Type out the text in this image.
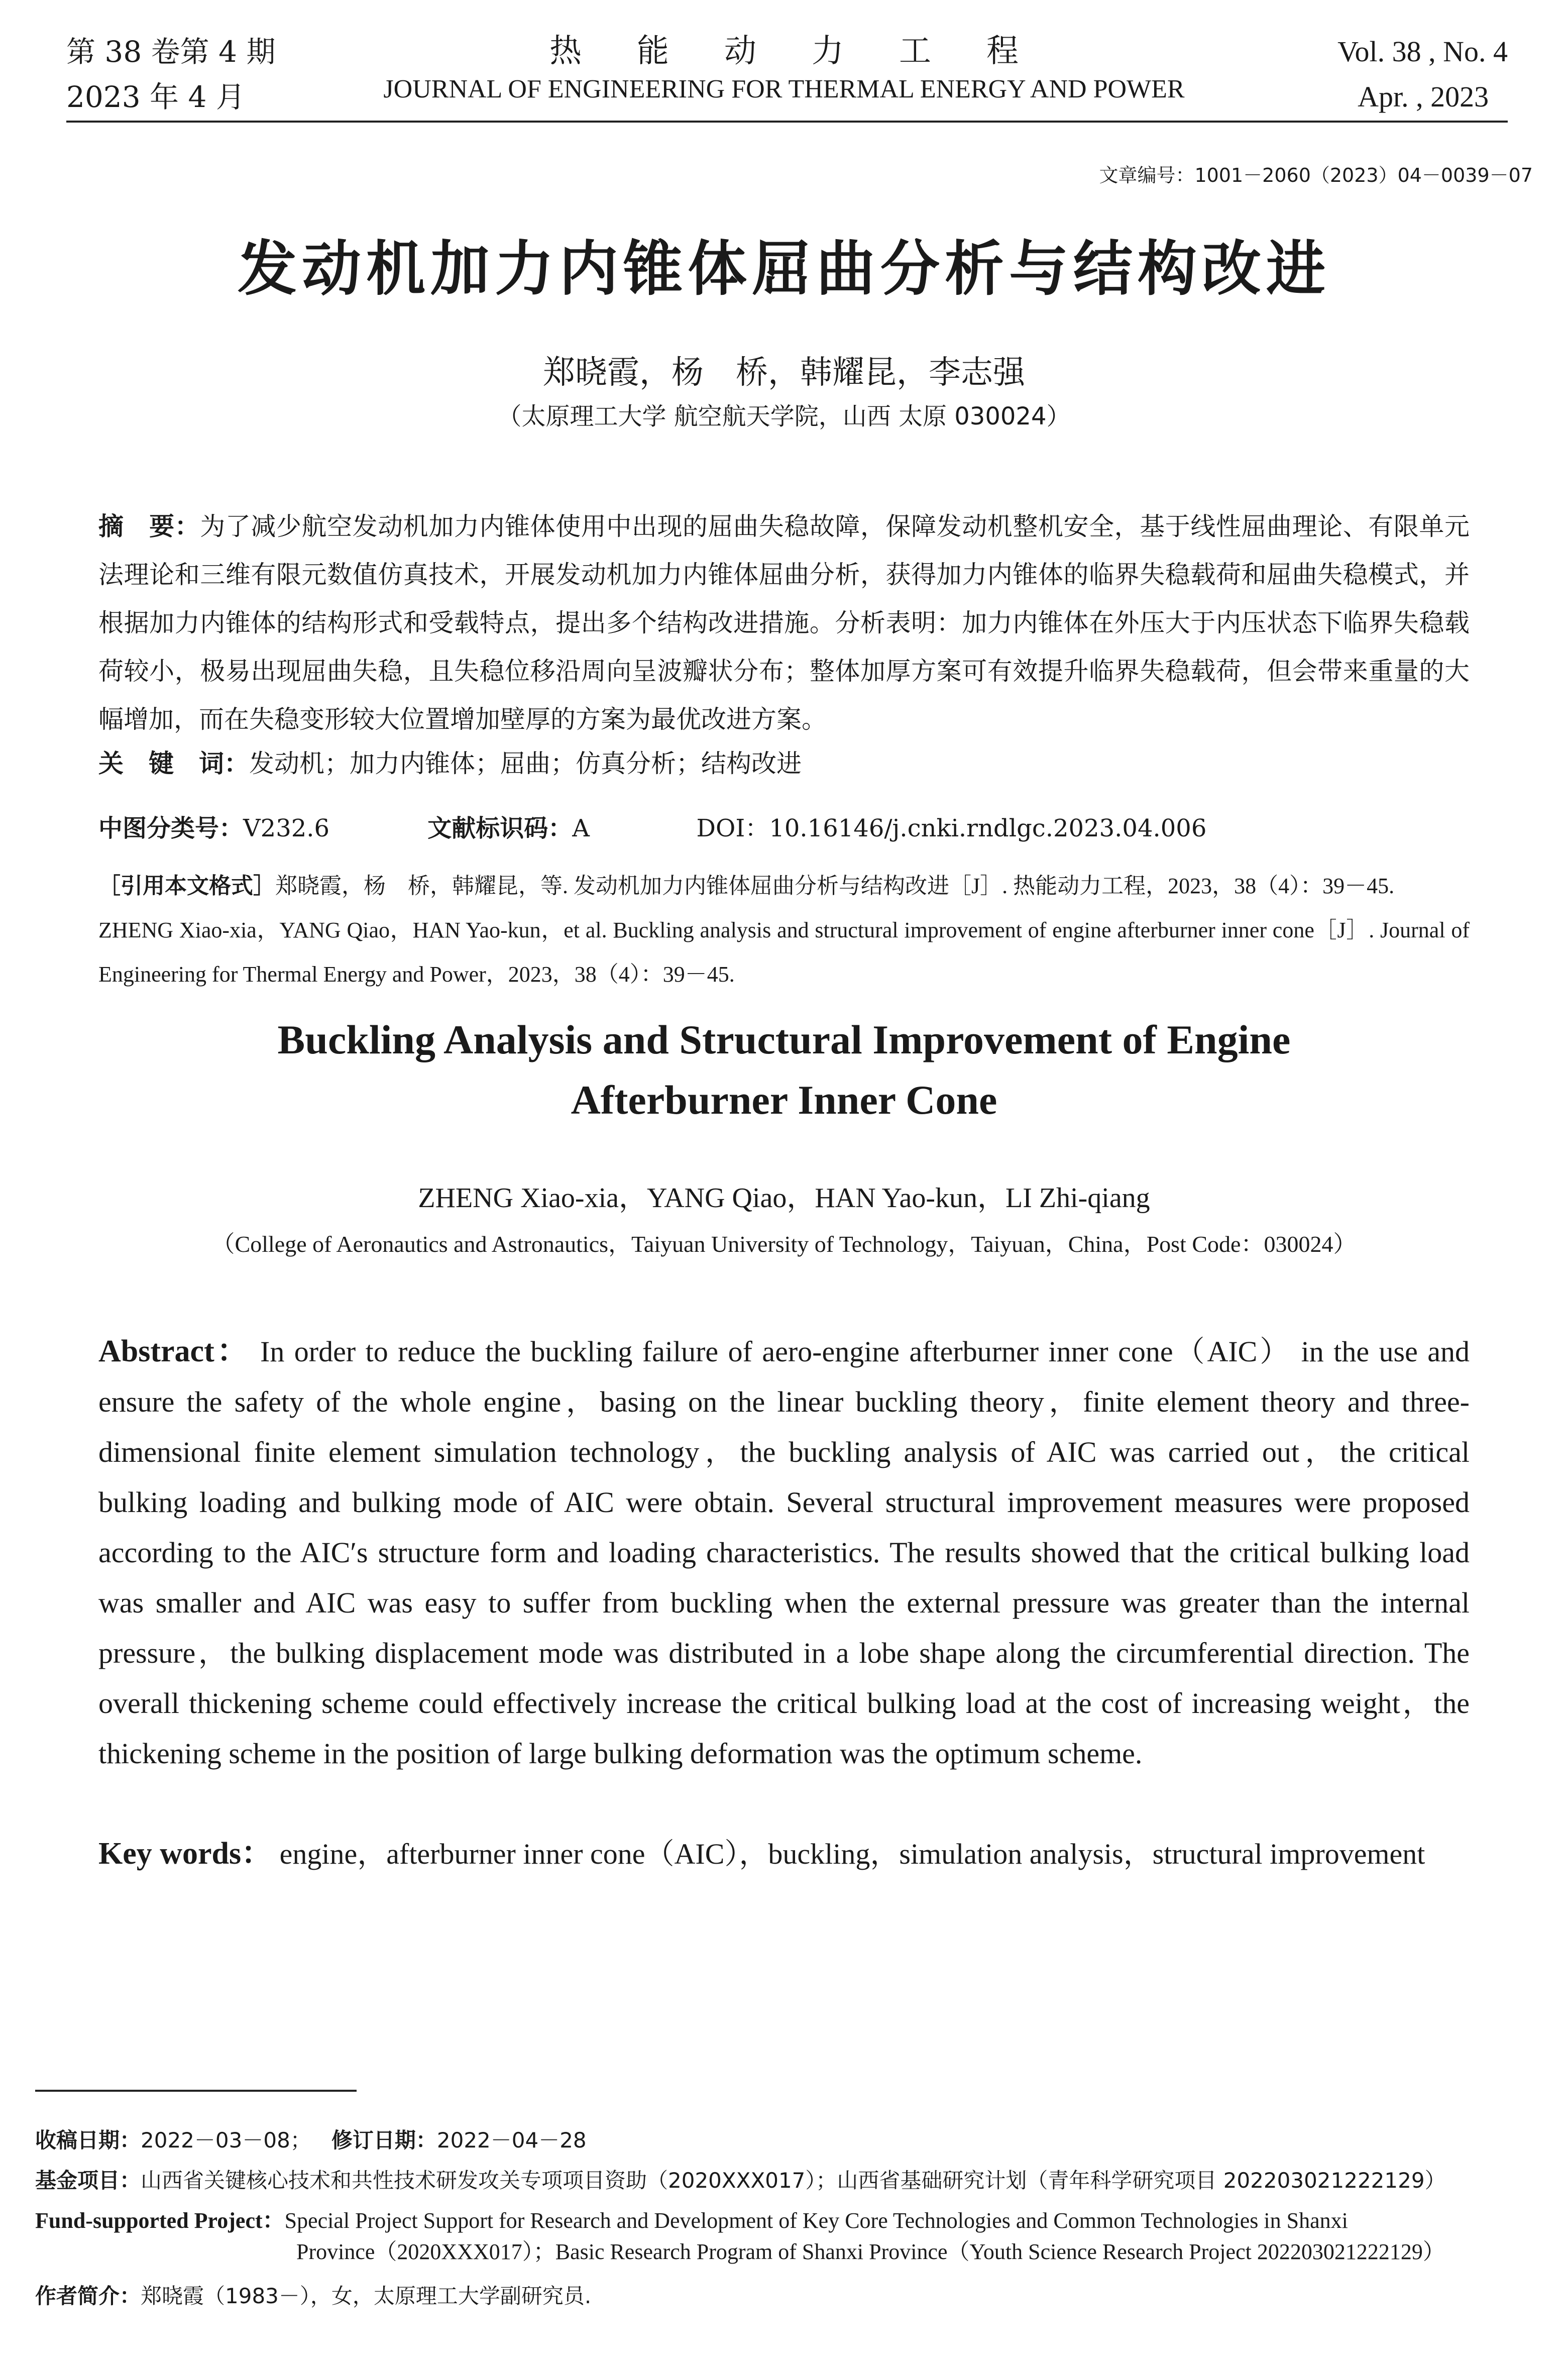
第 38 卷第 4 期
2023 年 4 月
热能动力工程
JOURNAL OF ENGINEERING FOR THERMAL ENERGY AND POWER
Vol. 38 , No. 4
Apr. , 2023
文章编号：1001－2060（2023）04－0039－07
发动机加力内锥体屈曲分析与结构改进
郑晓霞，杨　桥，韩耀昆，李志强
（太原理工大学 航空航天学院，山西 太原 030024）
摘　要：为了减少航空发动机加力内锥体使用中出现的屈曲失稳故障，保障发动机整机安全，基于线性屈曲理论、有限单元法理论和三维有限元数值仿真技术，开展发动机加力内锥体屈曲分析，获得加力内锥体的临界失稳载荷和屈曲失稳模式，并根据加力内锥体的结构形式和受载特点，提出多个结构改进措施。分析表明：加力内锥体在外压大于内压状态下临界失稳载荷较小，极易出现屈曲失稳，且失稳位移沿周向呈波瓣状分布；整体加厚方案可有效提升临界失稳载荷，但会带来重量的大幅增加，而在失稳变形较大位置增加壁厚的方案为最优改进方案。
关　键　词：发动机；加力内锥体；屈曲；仿真分析；结构改进
中图分类号：V232.6	文献标识码：A	DOI：10.16146/j.cnki.rndlgc.2023.04.006
［引用本文格式］郑晓霞，杨　桥，韩耀昆，等. 发动机加力内锥体屈曲分析与结构改进［J］. 热能动力工程，2023，38（4）：39－45.
ZHENG Xiao-xia，YANG Qiao，HAN Yao-kun，et al. Buckling analysis and structural improvement of engine afterburner inner cone［J］. Journal of Engineering for Thermal Energy and Power，2023，38（4）：39－45.
Buckling Analysis and Structural Improvement of Engine
Afterburner Inner Cone
ZHENG Xiao-xia，YANG Qiao，HAN Yao-kun，LI Zhi-qiang
（College of Aeronautics and Astronautics，Taiyuan University of Technology，Taiyuan，China，Post Code：030024）
Abstract： In order to reduce the buckling failure of aero-engine afterburner inner cone（AIC） in the use and ensure the safety of the whole engine，basing on the linear buckling theory，finite element theory and three-dimensional finite element simulation technology，the buckling analysis of AIC was carried out，the critical bulking loading and bulking mode of AIC were obtain. Several structural improvement measures were proposed according to the AIC′s structure form and loading characteristics. The results showed that the critical bulking load was smaller and AIC was easy to suffer from buckling when the external pressure was greater than the internal pressure，the bulking displacement mode was distributed in a lobe shape along the circumferential direction. The overall thickening scheme could effectively increase the critical bulking load at the cost of increasing weight，the thickening scheme in the position of large bulking deformation was the optimum scheme.
Key words： engine，afterburner inner cone（AIC），buckling，simulation analysis，structural improvement
收稿日期：2022－03－08； 修订日期：2022－04－28
基金项目：山西省关键核心技术和共性技术研发攻关专项项目资助（2020XXX017）；山西省基础研究计划（青年科学研究项目 202203021222129）
Fund-supported Project：Special Project Support for Research and Development of Key Core Technologies and Common Technologies in Shanxi
Province（2020XXX017）；Basic Research Program of Shanxi Province（Youth Science Research Project 202203021222129）
作者简介：郑晓霞（1983－），女，太原理工大学副研究员.
